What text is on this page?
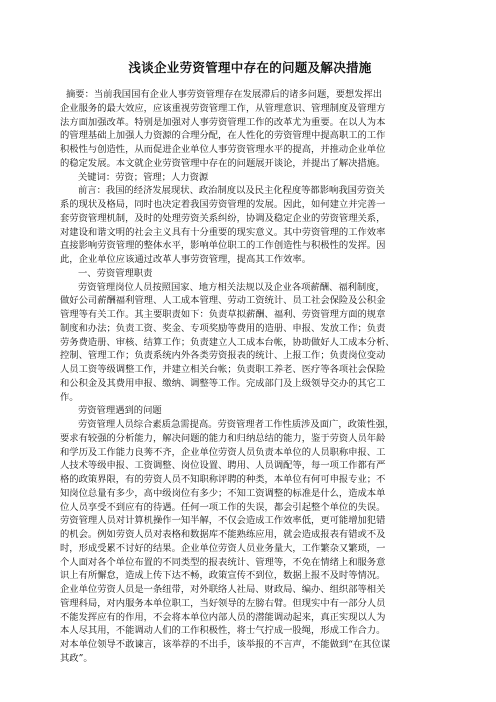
浅谈企业劳资管理中存在的问题及解决措施
摘要：当前我国国有企业人事劳资管理存在发展滞后的诸多问题，要想发挥出
企业服务的最大效应，应该重视劳资管理工作，从管理意识、管理制度及管理方
法方面加强改革。特别是加强对人事劳资管理工作的改革尤为重要。在以人为本
的管理基础上加强人力资源的合理分配，在人性化的劳资管理中提高职工的工作
积极性与创造性，从而促进企业单位人事劳资管理水平的提高，并推动企业单位
的稳定发展。本文就企业劳资管理中存在的问题展开谈论，并提出了解决措施。
关键词：劳资；管理；人力资源
前言：我国的经济发展现状、政治制度以及民主化程度等都影响我国劳资关
系的现状及格局，同时也决定着我国劳资管理的发展。因此，如何建立并完善一
套劳资管理机制，及时的处理劳资关系纠纷，协调及稳定企业的劳资管理关系，
对建设和谐文明的社会主义具有十分重要的现实意义。其中劳资管理的工作效率
直接影响劳资管理的整体水平，影响单位职工的工作创造性与积极性的发挥。因
此，企业单位应该通过改革人事劳资管理，提高其工作效率。
一、劳资管理职责
劳资管理岗位人员按照国家、地方相关法规以及企业各项薪酬、福利制度，
做好公司薪酬福利管理、人工成本管理、劳动工资统计、员工社会保险及公积金
管理等有关工作。其主要职责如下：负责草拟薪酬、福利、劳资管理方面的规章
制度和办法；负责工资、奖金、专项奖励等费用的造册、申报、发放工作；负责
劳务费造册、审核、结算工作；负责建立人工成本台帐，协助做好人工成本分析、
控制、管理工作；负责系统内外各类劳资报表的统计、上报工作；负责岗位变动
人员工资等级调整工作，并建立相关台帐；负责职工养老、医疗等各项社会保险
和公积金及其费用申报、缴纳、调整等工作。完成部门及上级领导交办的其它工
作。
劳资管理遇到的问题
劳资管理人员综合素质急需提高。劳资管理者工作性质涉及面广，政策性强，
要求有较强的分析能力，解决问题的能力和归纳总结的能力，鉴于劳资人员年龄
和学历及工作能力良莠不齐，企业单位劳资人员负责本单位的人员职称申报、工
人技术等级申报、工资调整、岗位设置、聘用、人员调配等，每一项工作都有严
格的政策界限，有的劳资人员不知职称评聘的种类，本单位有何可申报专业；不
知岗位总量有多少，高中级岗位有多少；不知工资调整的标准是什么，造成本单
位人员享受不到应有的待遇。任何一项工作的失误，都会引起整个单位的失误。
劳资管理人员对计算机操作一知半解，不仅会造成工作效率低，更可能增加犯错
的机会。例如劳资人员对表格和数据库不能熟练应用，就会造成报表有错或不及
时，形成受累不讨好的结果。企业单位劳资人员业务量大，工作繁杂又繁琐，一
个人面对各个单位布置的不同类型的报表统计、管理等，不免在情绪上和服务意
识上有所懈怠，造成上传下达不畅，政策宣传不到位，数据上报不及时等情况。
企业单位劳资人员是一条纽带，对外联络人社局、财政局、编办、组织部等相关
管理科局，对内服务本单位职工，当好领导的左膀右臂。但现实中有一部分人员
不能发挥应有的作用，不会将本单位内部人员的潜能调动起来，真正实现以人为
本人尽其用，不能调动人们的工作积极性，将士气拧成一股绳，形成工作合力。
对本单位领导不敢谏言，该举荐的不出手，该举报的不言声，不能做到“在其位谋
其政”。
